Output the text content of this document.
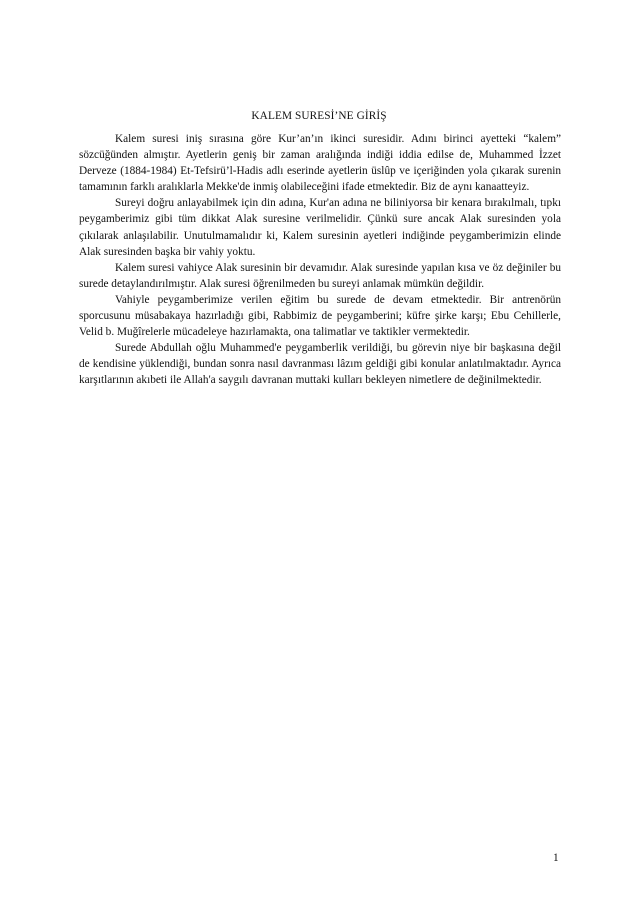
KALEM SURESİ’NE GİRİŞ

Kalem suresi iniş sırasına göre Kur’an’ın ikinci suresidir. Adını birinci ayetteki “kalem” sözcüğünden almıştır. Ayetlerin geniş bir zaman aralığında indiği iddia edilse de, Muhammed İzzet Derveze (1884-1984) Et-Tefsirü’l-Hadis adlı eserinde ayetlerin üslûp ve içeriğinden yola çıkarak surenin tamamının farklı aralıklarla Mekke'de inmiş olabileceğini ifade etmektedir. Biz de aynı kanaatteyiz.

Sureyi doğru anlayabilmek için din adına, Kur'an adına ne biliniyorsa bir kenara bırakılmalı, tıpkı peygamberimiz gibi tüm dikkat Alak suresine verilmelidir. Çünkü sure ancak Alak suresinden yola çıkılarak anlaşılabilir. Unutulmamalıdır ki, Kalem suresinin ayetleri indiğinde peygamberimizin elinde Alak suresinden başka bir vahiy yoktu.

Kalem suresi vahiyce Alak suresinin bir devamıdır. Alak suresinde yapılan kısa ve öz değiniler bu surede detaylandırılmıştır. Alak suresi öğrenilmeden bu sureyi anlamak mümkün değildir.

Vahiyle peygamberimize verilen eğitim bu surede de devam etmektedir. Bir antrenörün sporcusunu müsabakaya hazırladığı gibi, Rabbimiz de peygamberini; küfre şirke karşı; Ebu Cehillerle, Velid b. Muğîrelerle mücadeleye hazırlamakta, ona talimatlar ve taktikler vermektedir.

Surede Abdullah oğlu Muhammed'e peygamberlik verildiği, bu görevin niye bir başkasına değil de kendisine yüklendiği, bundan sonra nasıl davranması lâzım geldiği gibi konular anlatılmaktadır. Ayrıca karşıtlarının akıbeti ile Allah'a saygılı davranan muttaki kulları bekleyen nimetlere de değinilmektedir.

1
